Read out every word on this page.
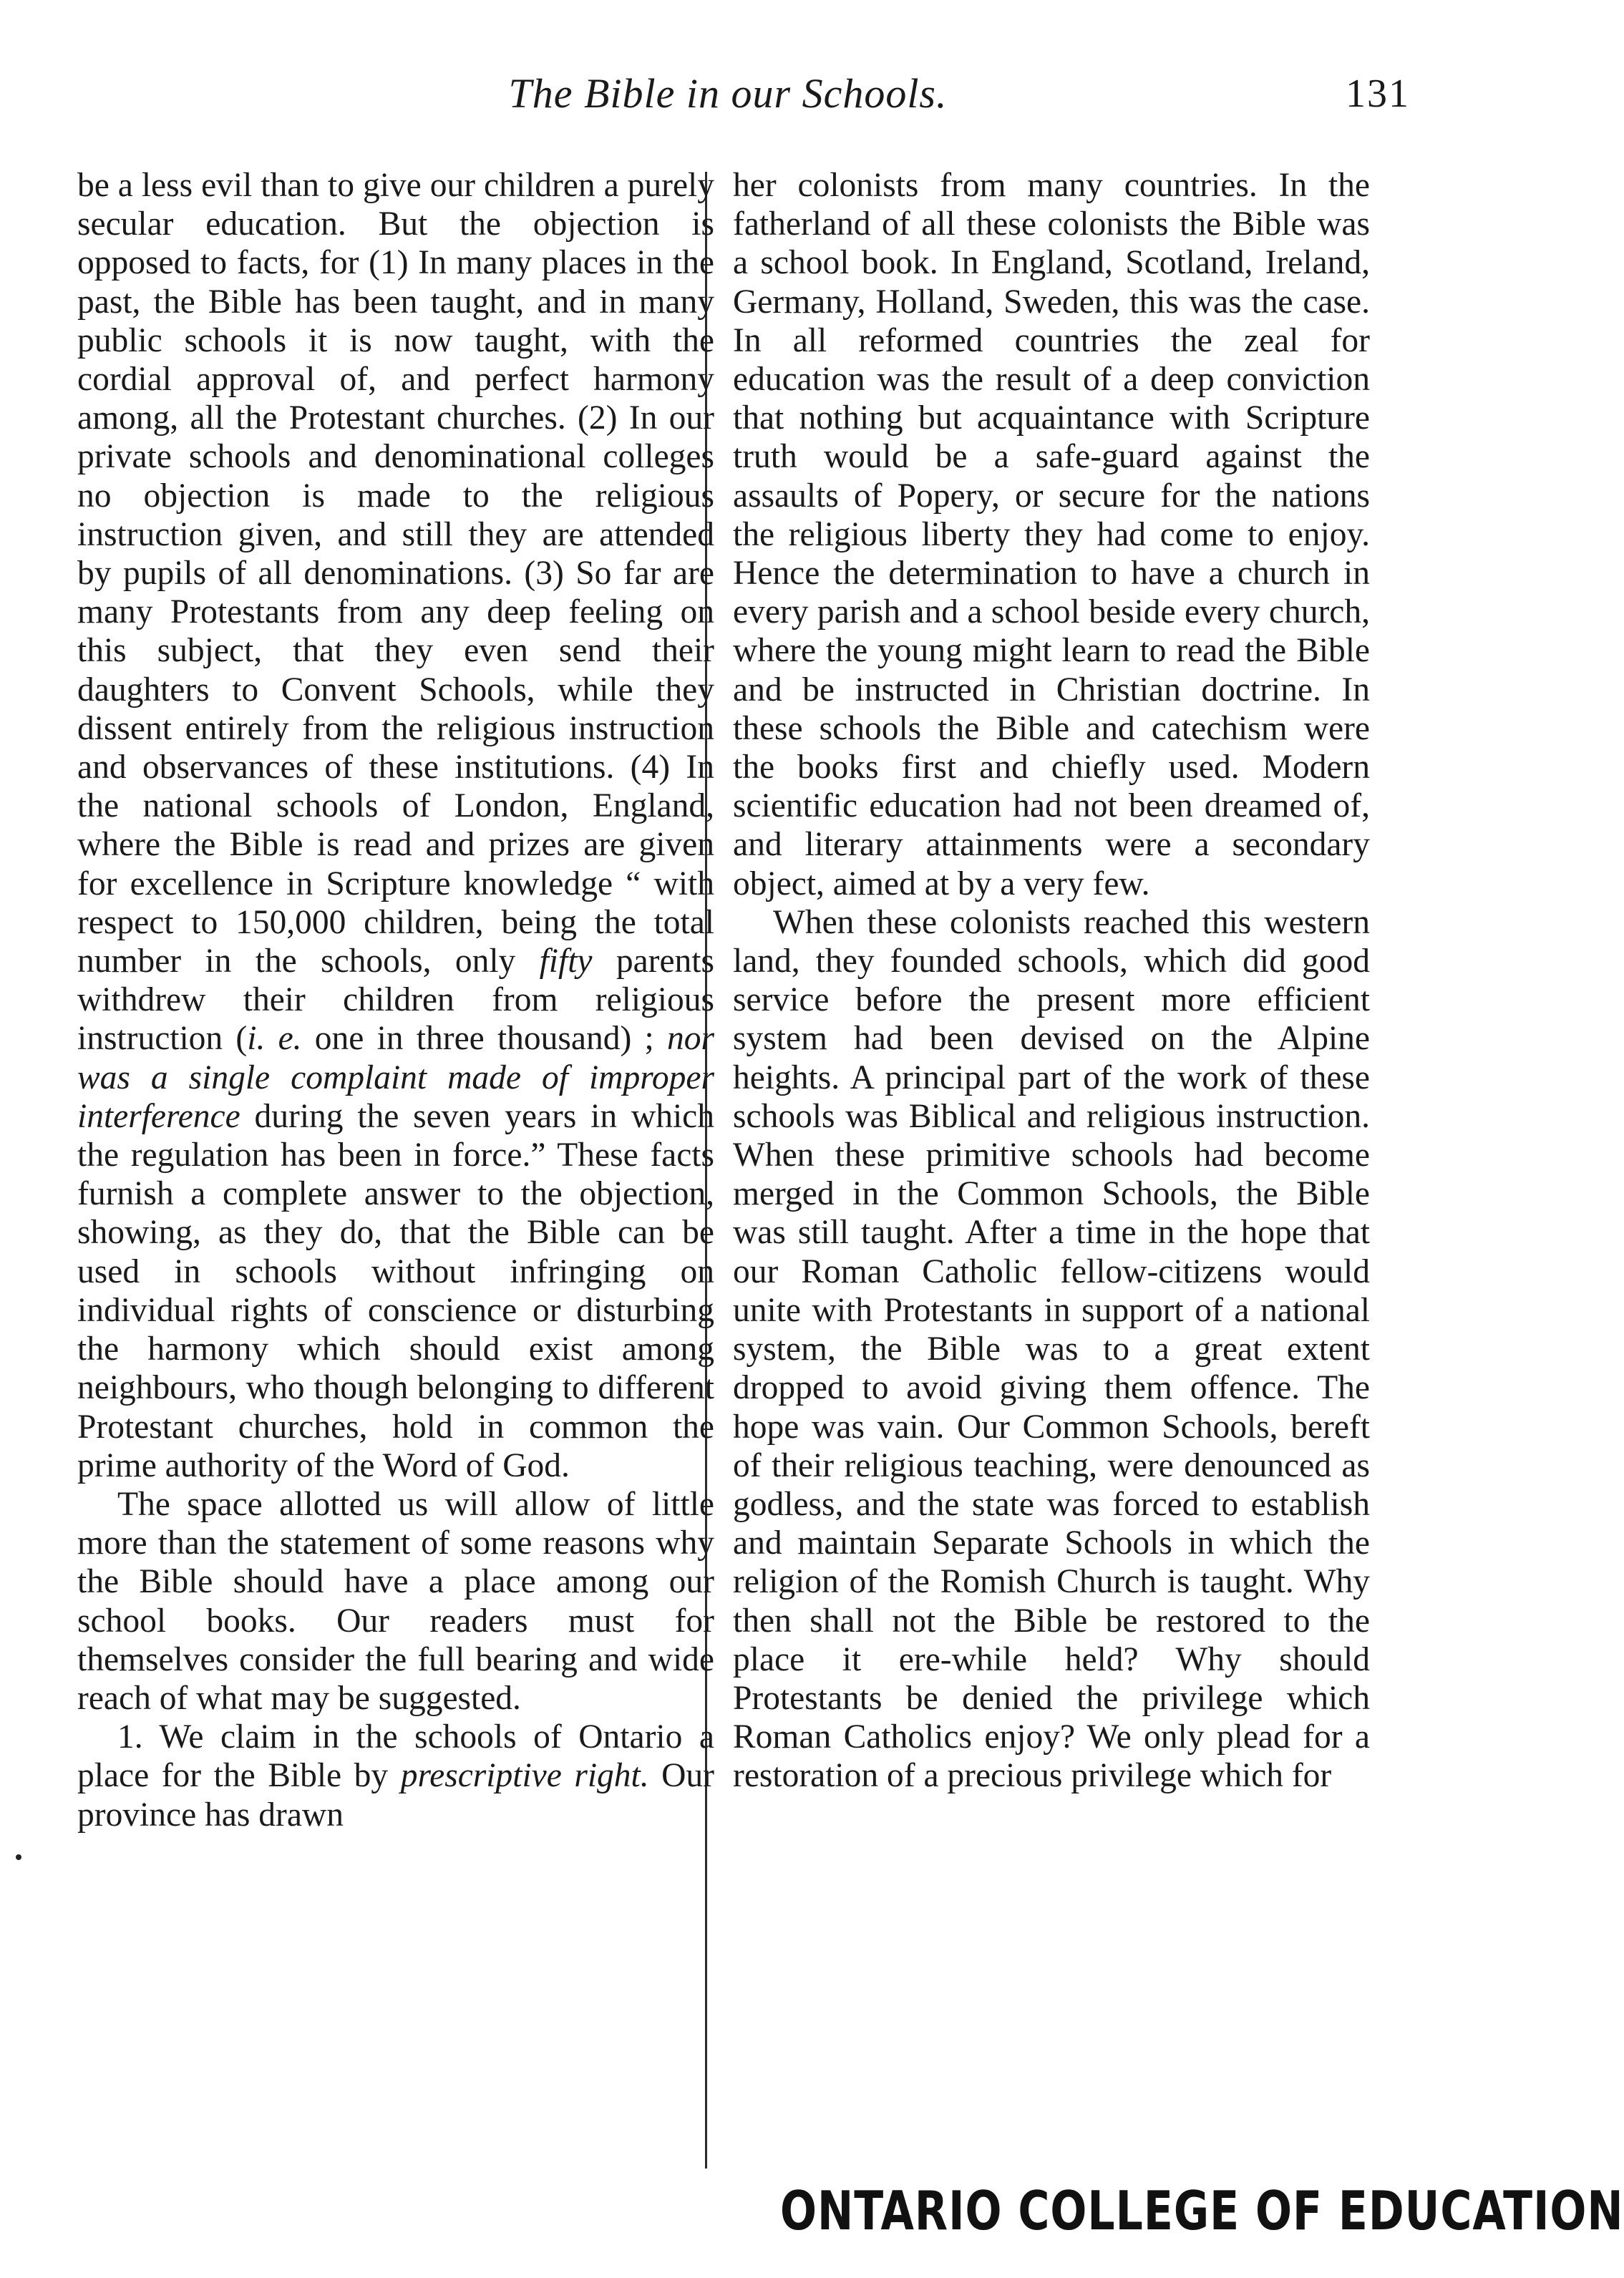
The Bible in our Schools.	131

be a less evil than to give our children a purely secular education. But the objection is opposed to facts, for (1) In many places in the past, the Bible has been taught, and in many public schools it is now taught, with the cordial approval of, and perfect harmony among, all the Protestant churches. (2) In our private schools and denominational colleges no objection is made to the religious instruction given, and still they are attended by pupils of all denominations. (3) So far are many Protestants from any deep feeling on this subject, that they even send their daughters to Convent Schools, while they dissent entirely from the religious instruction and observances of these institutions. (4) In the national schools of London, England, where the Bible is read and prizes are given for excellence in Scripture knowledge “ with respect to 150,000 children, being the total number in the schools, only fifty parents withdrew their children from religious instruction (i. e. one in three thousand) ; nor was a single complaint made of improper interference during the seven years in which the regulation has been in force.” These facts furnish a complete answer to the objection, showing, as they do, that the Bible can be used in schools without infringing on individual rights of conscience or disturbing the harmony which should exist among neighbours, who though belonging to different Protestant churches, hold in common the prime authority of the Word of God.

The space allotted us will allow of little more than the statement of some reasons why the Bible should have a place among our school books. Our readers must for themselves consider the full bearing and wide reach of what may be suggested.

1. We claim in the schools of Ontario a place for the Bible by prescriptive right. Our province has drawn

her colonists from many countries. In the fatherland of all these colonists the Bible was a school book. In England, Scotland, Ireland, Germany, Holland, Sweden, this was the case. In all reformed countries the zeal for education was the result of a deep conviction that nothing but acquaintance with Scripture truth would be a safe-guard against the assaults of Popery, or secure for the nations the religious liberty they had come to enjoy. Hence the determination to have a church in every parish and a school beside every church, where the young might learn to read the Bible and be instructed in Christian doctrine. In these schools the Bible and catechism were the books first and chiefly used. Modern scientific education had not been dreamed of, and literary attainments were a secondary object, aimed at by a very few.

When these colonists reached this western land, they founded schools, which did good service before the present more efficient system had been devised on the Alpine heights. A principal part of the work of these schools was Biblical and religious instruction. When these primitive schools had become merged in the Common Schools, the Bible was still taught. After a time in the hope that our Roman Catholic fellow-citizens would unite with Protestants in support of a national system, the Bible was to a great extent dropped to avoid giving them offence. The hope was vain. Our Common Schools, bereft of their religious teaching, were denounced as godless, and the state was forced to establish and maintain Separate Schools in which the religion of the Romish Church is taught. Why then shall not the Bible be restored to the place it ere-while held? Why should Protestants be denied the privilege which Roman Catholics enjoy? We only plead for a restoration of a precious privilege which for

ONTARIO COLLEGE OF EDUCATION
